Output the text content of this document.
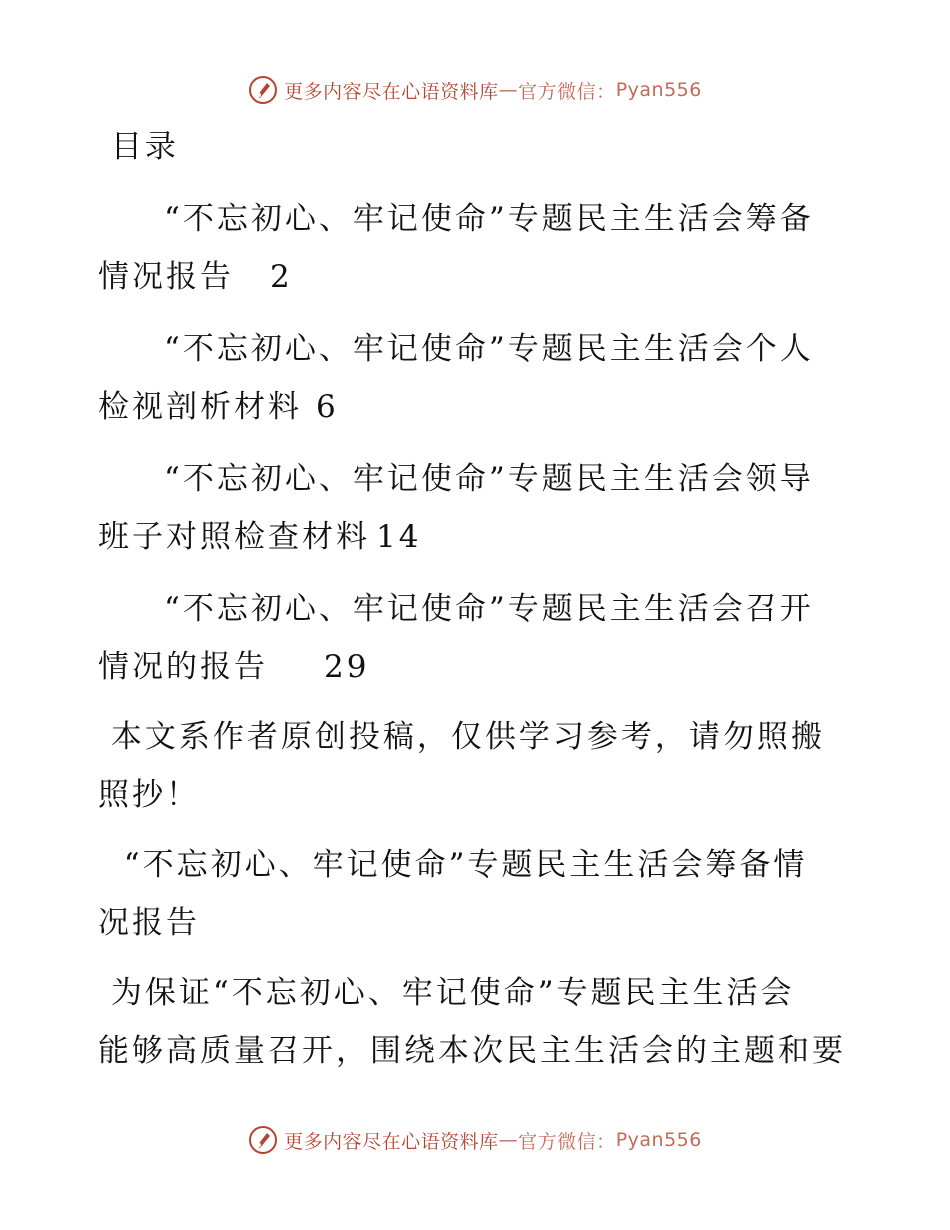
更多内容尽在心语资料库 — 官方微信： Pyan556
目录
“不忘初心、牢记使命”专题民主生活会筹备
情况报告 2
“不忘初心、牢记使命”专题民主生活会个人
检视剖析材料 6
“不忘初心、牢记使命”专题民主生活会领导
班子对照检查材料 14
“不忘初心、牢记使命”专题民主生活会召开
情况的报告 29
本文系作者原创投稿，仅供学习参考，请勿照搬
照抄！
“不忘初心、牢记使命”专题民主生活会筹备情
况报告
为保证“不忘初心、牢记使命”专题民主生活会
能够高质量召开，围绕本次民主生活会的主题和要
更多内容尽在心语资料库 — 官方微信： Pyan556
